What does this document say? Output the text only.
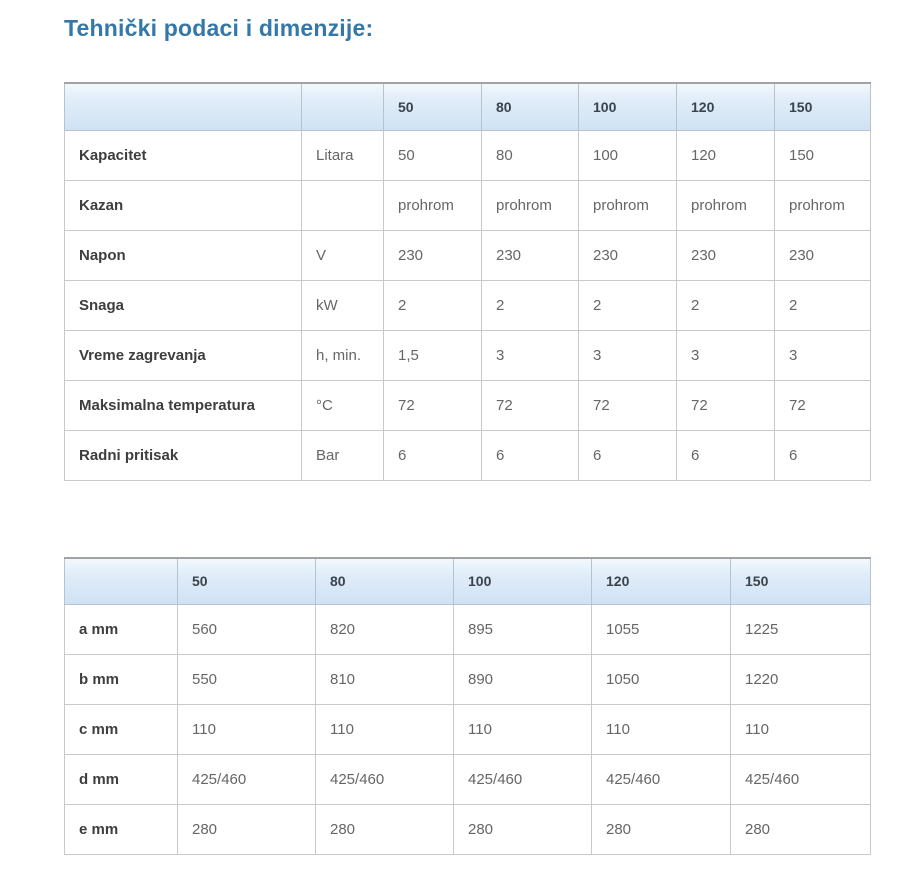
Tehnički podaci i dimenzije:
		50	80	100	120	150
Kapacitet	Litara	50	80	100	120	150
Kazan		prohrom	prohrom	prohrom	prohrom	prohrom
Napon	V	230	230	230	230	230
Snaga	kW	2	2	2	2	2
Vreme zagrevanja	h, min.	1,5	3	3	3	3
Maksimalna temperatura	°C	72	72	72	72	72
Radni pritisak	Bar	6	6	6	6	6
	50	80	100	120	150
a mm	560	820	895	1055	1225
b mm	550	810	890	1050	1220
c mm	110	110	110	110	110
d mm	425/460	425/460	425/460	425/460	425/460
e mm	280	280	280	280	280
